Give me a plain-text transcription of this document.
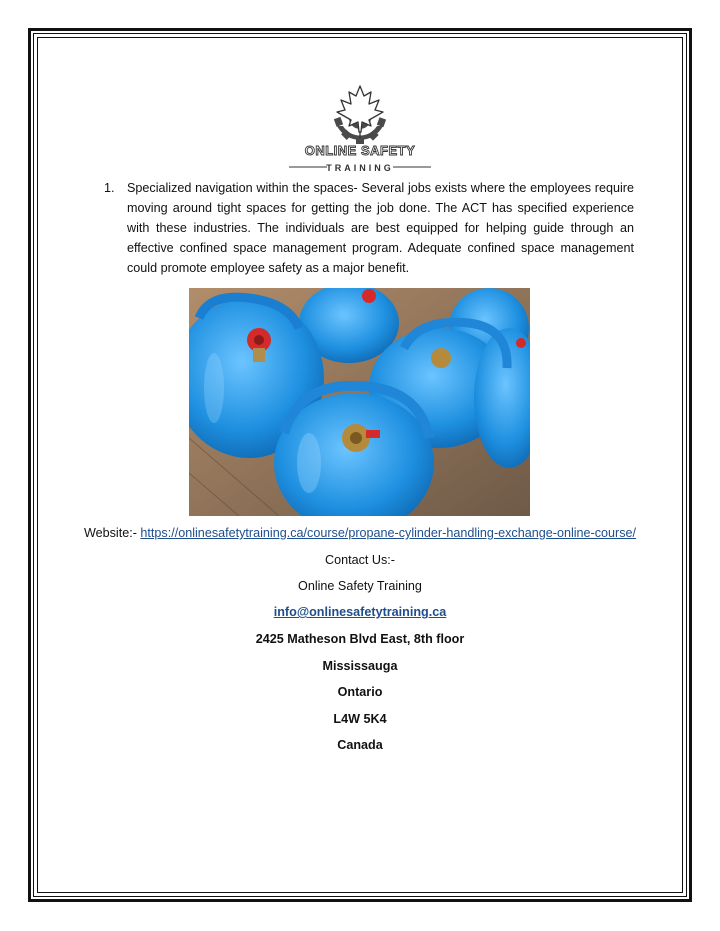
ONLINE SAFETY
TRAINING
1. Specialized navigation within the spaces- Several jobs exists where the employees require moving around tight spaces for getting the job done. The ACT has specified experience with these industries. The individuals are best equipped for helping guide through an effective confined space management program. Adequate confined space management could promote employee safety as a major benefit.
Website:- https://onlinesafetytraining.ca/course/propane-cylinder-handling-exchange-online-course/
Contact Us:-
Online Safety Training
info@onlinesafetytraining.ca
2425 Matheson Blvd East, 8th floor
Mississauga
Ontario
L4W 5K4
Canada
